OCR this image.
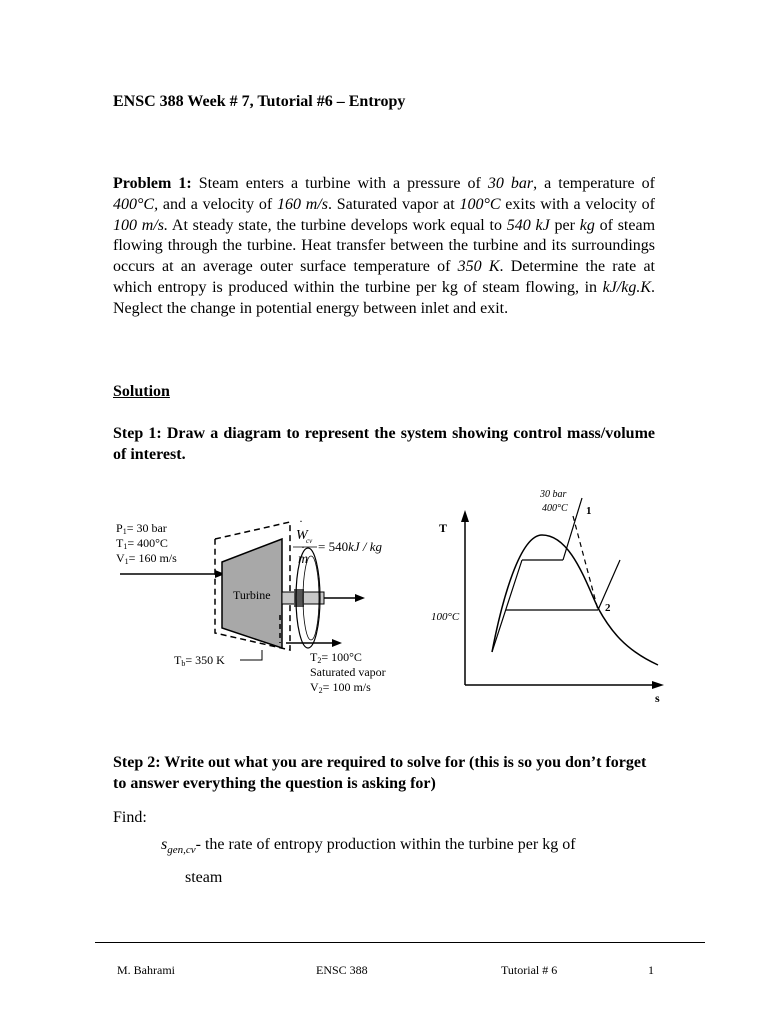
ENSC 388 Week # 7, Tutorial #6 – Entropy
Problem 1: Steam enters a turbine with a pressure of 30 bar, a temperature of 400°C, and a velocity of 160 m/s. Saturated vapor at 100°C exits with a velocity of 100 m/s. At steady state, the turbine develops work equal to 540 kJ per kg of steam flowing through the turbine. Heat transfer between the turbine and its surroundings occurs at an average outer surface temperature of 350 K. Determine the rate at which entropy is produced within the turbine per kg of steam flowing, in kJ/kg.K. Neglect the change in potential energy between inlet and exit.
Solution
Step 1: Draw a diagram to represent the system showing control mass/volume of interest.
P1= 30 bar
T1= 400°C
V1= 160 m/s
Turbine
W
·
cv
m
· = 540kJ / kg
Tb= 350 K	T2= 100°C
Saturated vapor
V2= 100 m/s
T
s
30 bar
400°C 1
2
100°C
Step 2: Write out what you are required to solve for (this is so you don’t forget to answer everything the question is asking for)
Find:
$s_{gen,cv}-$ the rate of entropy production within the turbine per kg of
steam
M. Bahrami	ENSC 388	Tutorial # 6	1
